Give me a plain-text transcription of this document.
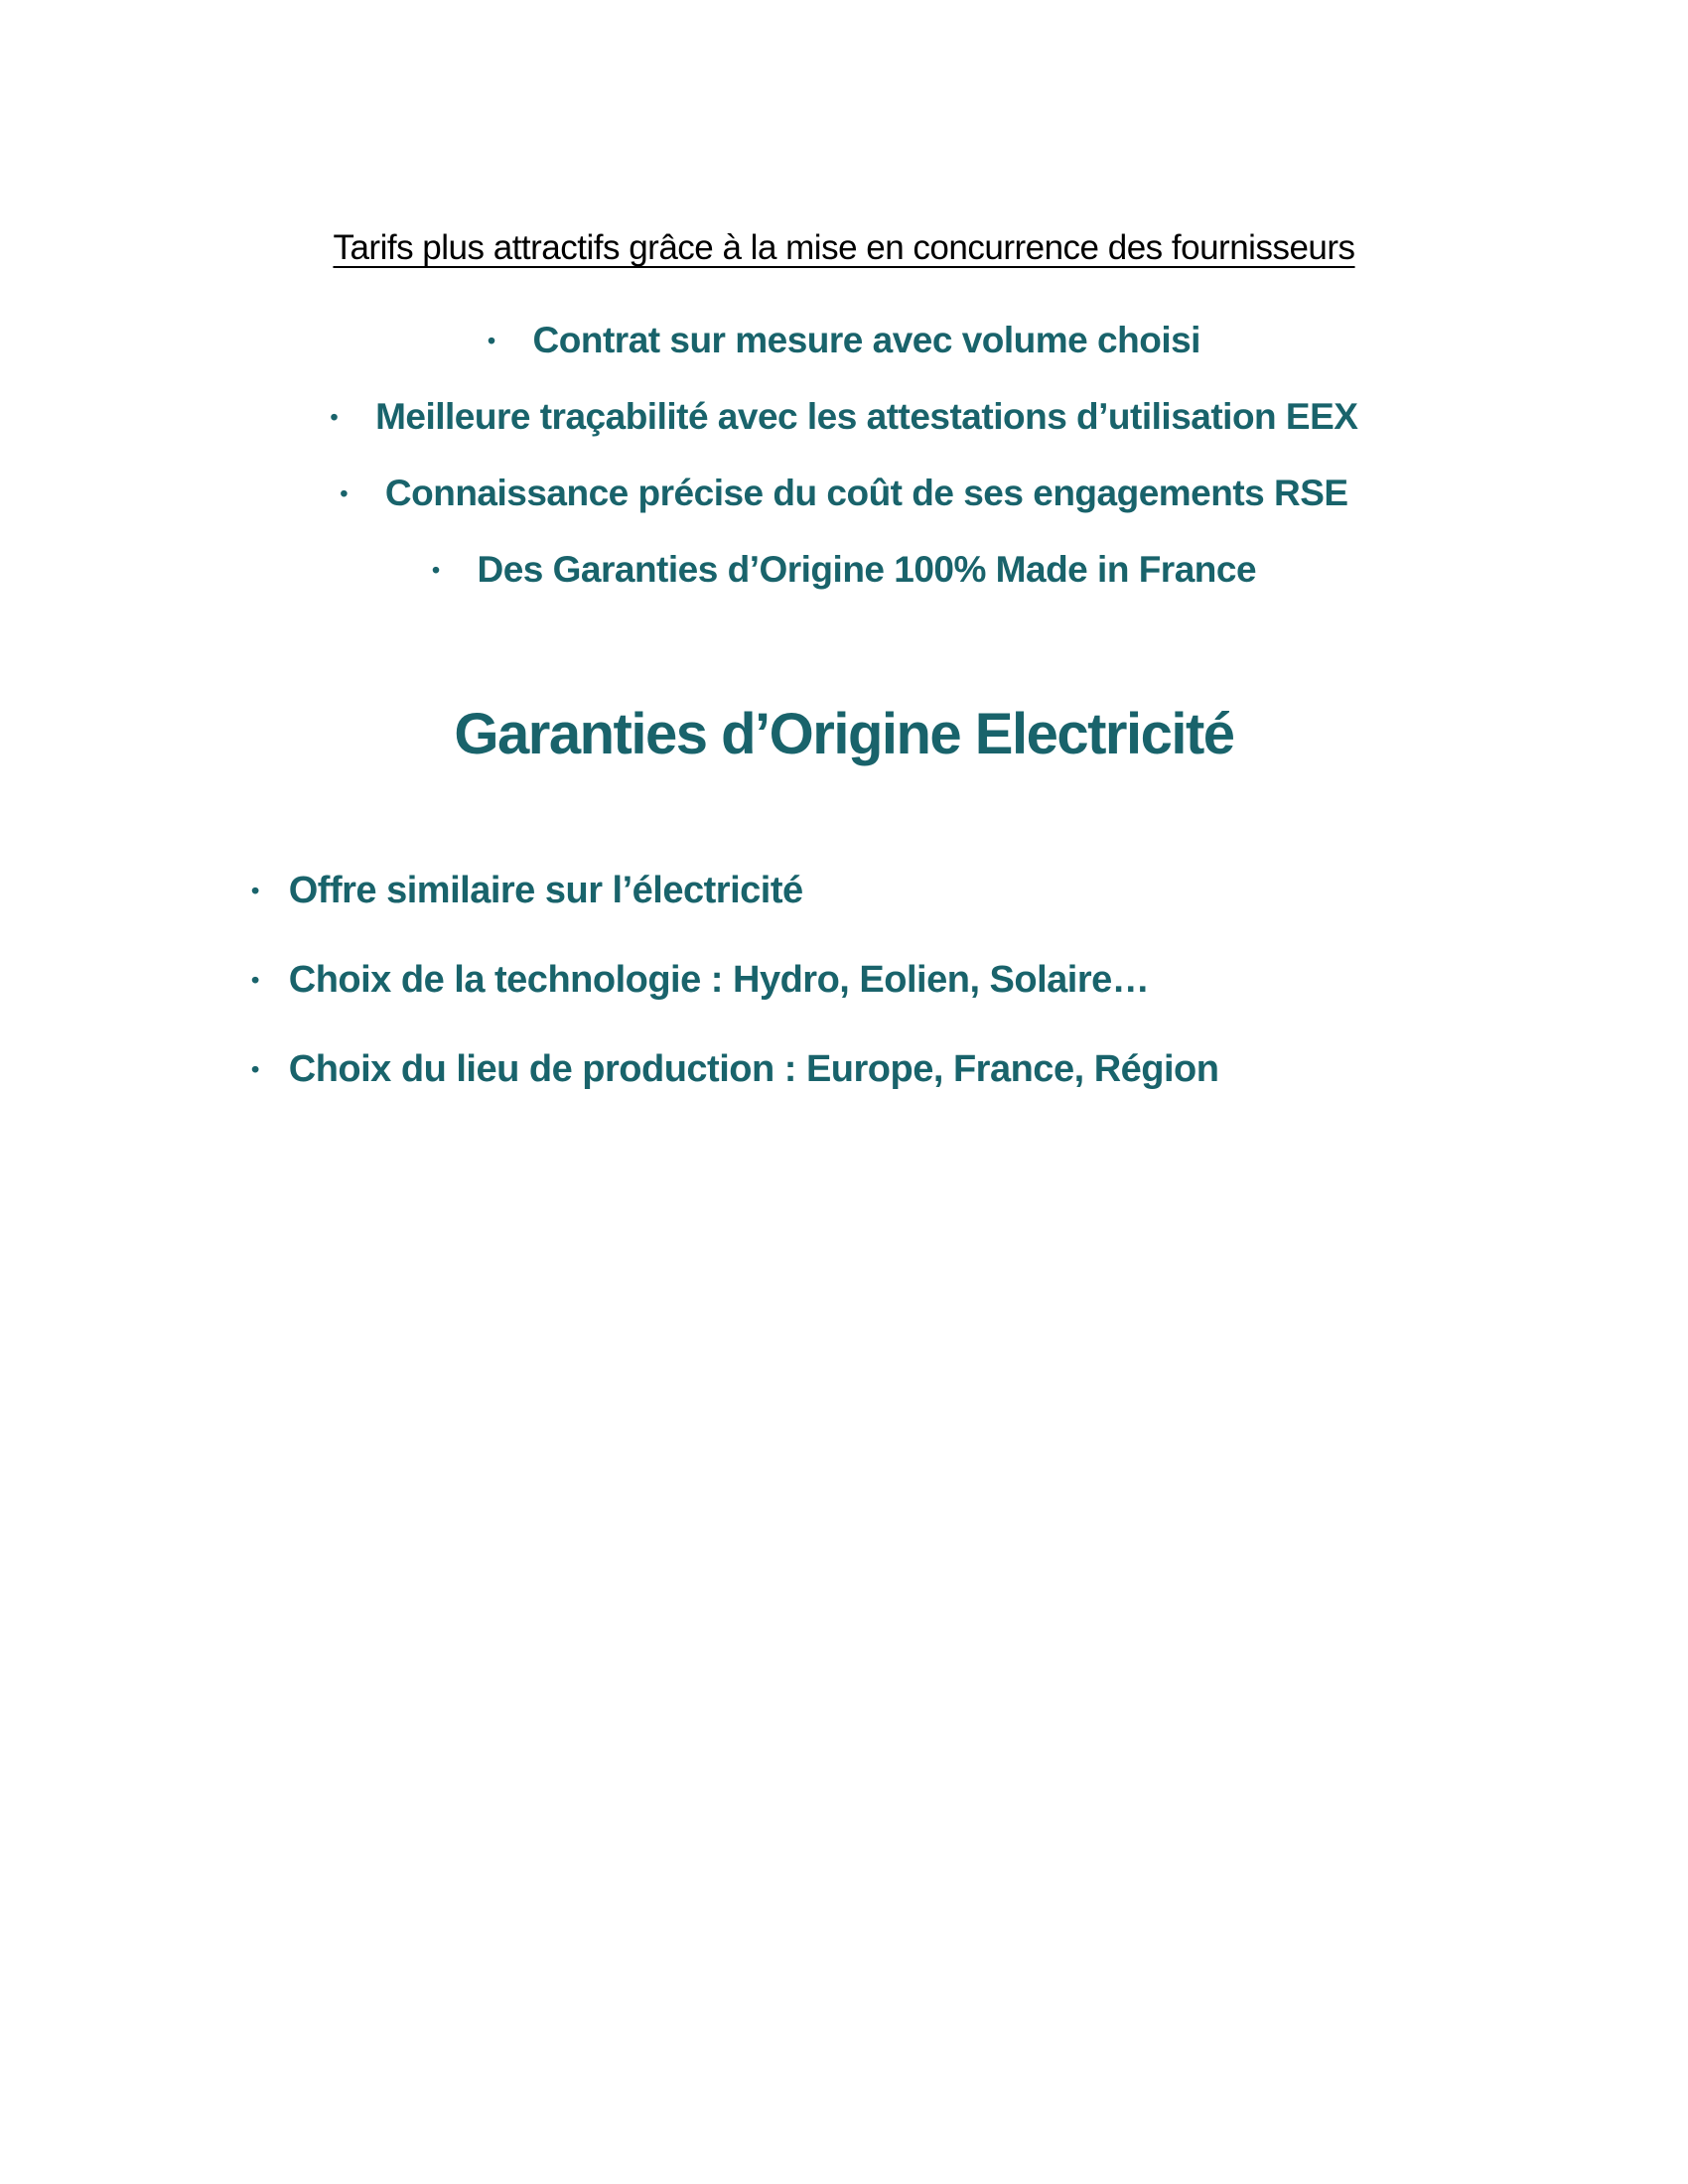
Tarifs plus attractifs grâce à la mise en concurrence des fournisseurs
• Contrat sur mesure avec volume choisi
• Meilleure traçabilité avec les attestations d’utilisation EEX
• Connaissance précise du coût de ses engagements RSE
• Des Garanties d’Origine 100% Made in France
Garanties d’Origine Electricité
• Offre similaire sur l’électricité
• Choix de la technologie : Hydro, Eolien, Solaire…
• Choix du lieu de production : Europe, France, Région
